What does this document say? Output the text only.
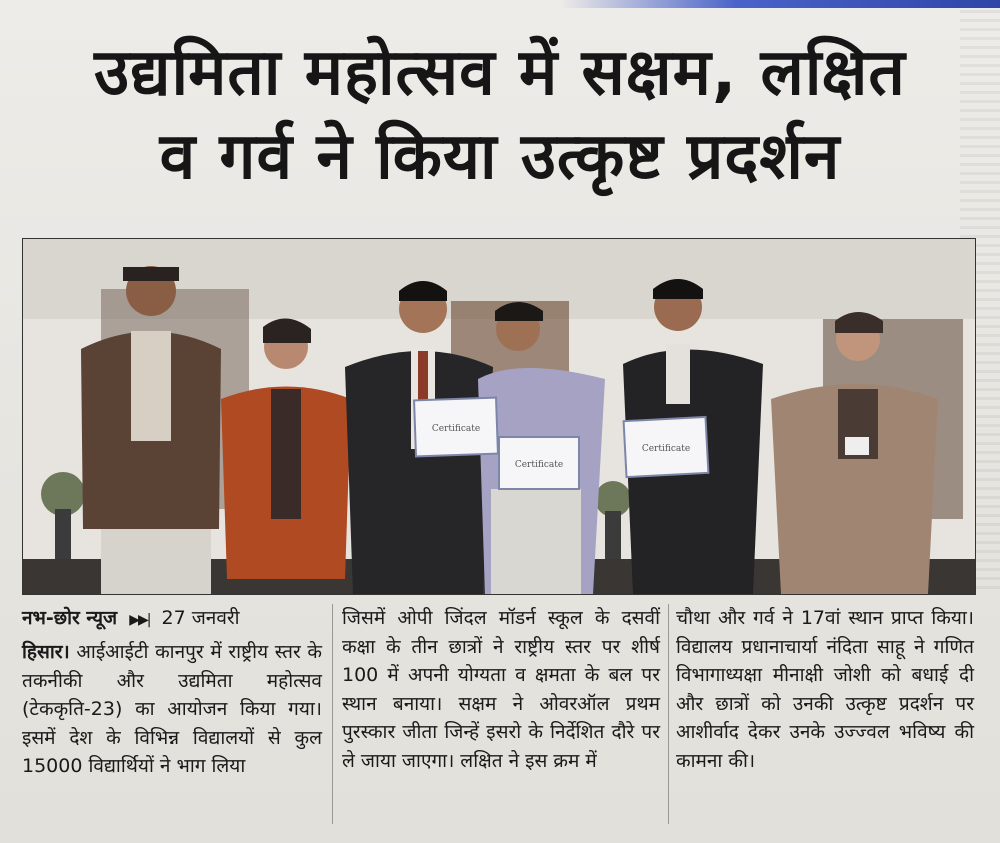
उद्यमिता महोत्सव में सक्षम, लक्षित
व गर्व ने किया उत्कृष्ट प्रदर्शन
Certificate
Certificate
Certificate
नभ-छोर न्यूज ▶▶| 27 जनवरी

हिसार। आईआईटी कानपुर में राष्ट्रीय स्तर के तकनीकी और उद्यमिता महोत्सव (टेककृति-23) का आयोजन किया गया। इसमें देश के विभिन्न विद्यालयों से कुल 15000 विद्यार्थियों ने भाग लिया

जिसमें ओपी जिंदल मॉडर्न स्कूल के दसवीं कक्षा के तीन छात्रों ने राष्ट्रीय स्तर पर शीर्ष 100 में अपनी योग्यता व क्षमता के बल पर स्थान बनाया। सक्षम ने ओवरऑल प्रथम पुरस्कार जीता जिन्हें इसरो के निर्देशित दौरे पर ले जाया जाएगा। लक्षित ने इस क्रम में

चौथा और गर्व ने 17वां स्थान प्राप्त किया। विद्यालय प्रधानाचार्या नंदिता साहू ने गणित विभागाध्यक्षा मीनाक्षी जोशी को बधाई दी और छात्रों को उनकी उत्कृष्ट प्रदर्शन पर आशीर्वाद देकर उनके उज्ज्वल भविष्य की कामना की।
